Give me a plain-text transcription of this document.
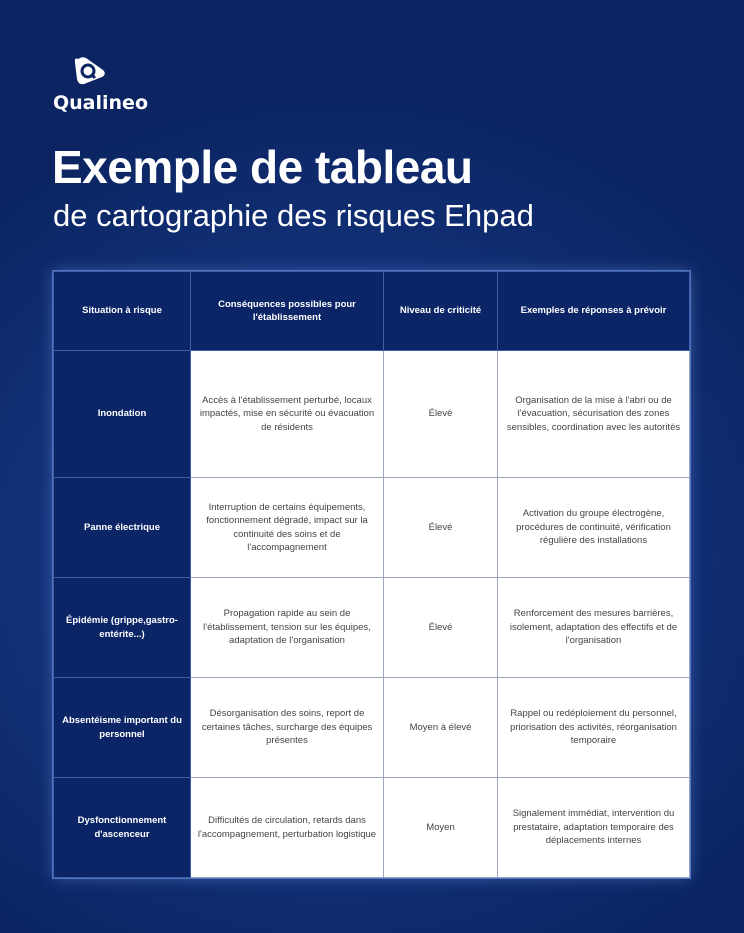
Qualineo
Exemple de tableau
de cartographie des risques Ehpad
Situation à risque	Conséquences possibles pour l'établissement	Niveau de criticité	Exemples de réponses à prévoir
Inondation	Accès à l'établissement perturbé, locaux impactés, mise en sécurité ou évacuation de résidents	Élevé	Organisation de la mise à l'abri ou de l'évacuation, sécurisation des zones sensibles, coordination avec les autorités
Panne électrique	Interruption de certains équipements, fonctionnement dégradé, impact sur la continuité des soins et de l'accompagnement	Élevé	Activation du groupe électrogène, procédures de continuité, vérification régulière des installations
Épidémie (grippe,gastro-entérite...)	Propagation rapide au sein de l'établissement, tension sur les équipes, adaptation de l'organisation	Élevé	Renforcement des mesures barrières, isolement, adaptation des effectifs et de l'organisation
Absentéisme important du personnel	Désorganisation des soins, report de certaines tâches, surcharge des équipes présentes	Moyen à élevé	Rappel ou redéploiement du personnel, priorisation des activités, réorganisation temporaire
Dysfonctionnement d'ascenceur	Difficultés de circulation, retards dans l'accompagnement, perturbation logistique	Moyen	Signalement immédiat, intervention du prestataire, adaptation temporaire des déplacements internes
